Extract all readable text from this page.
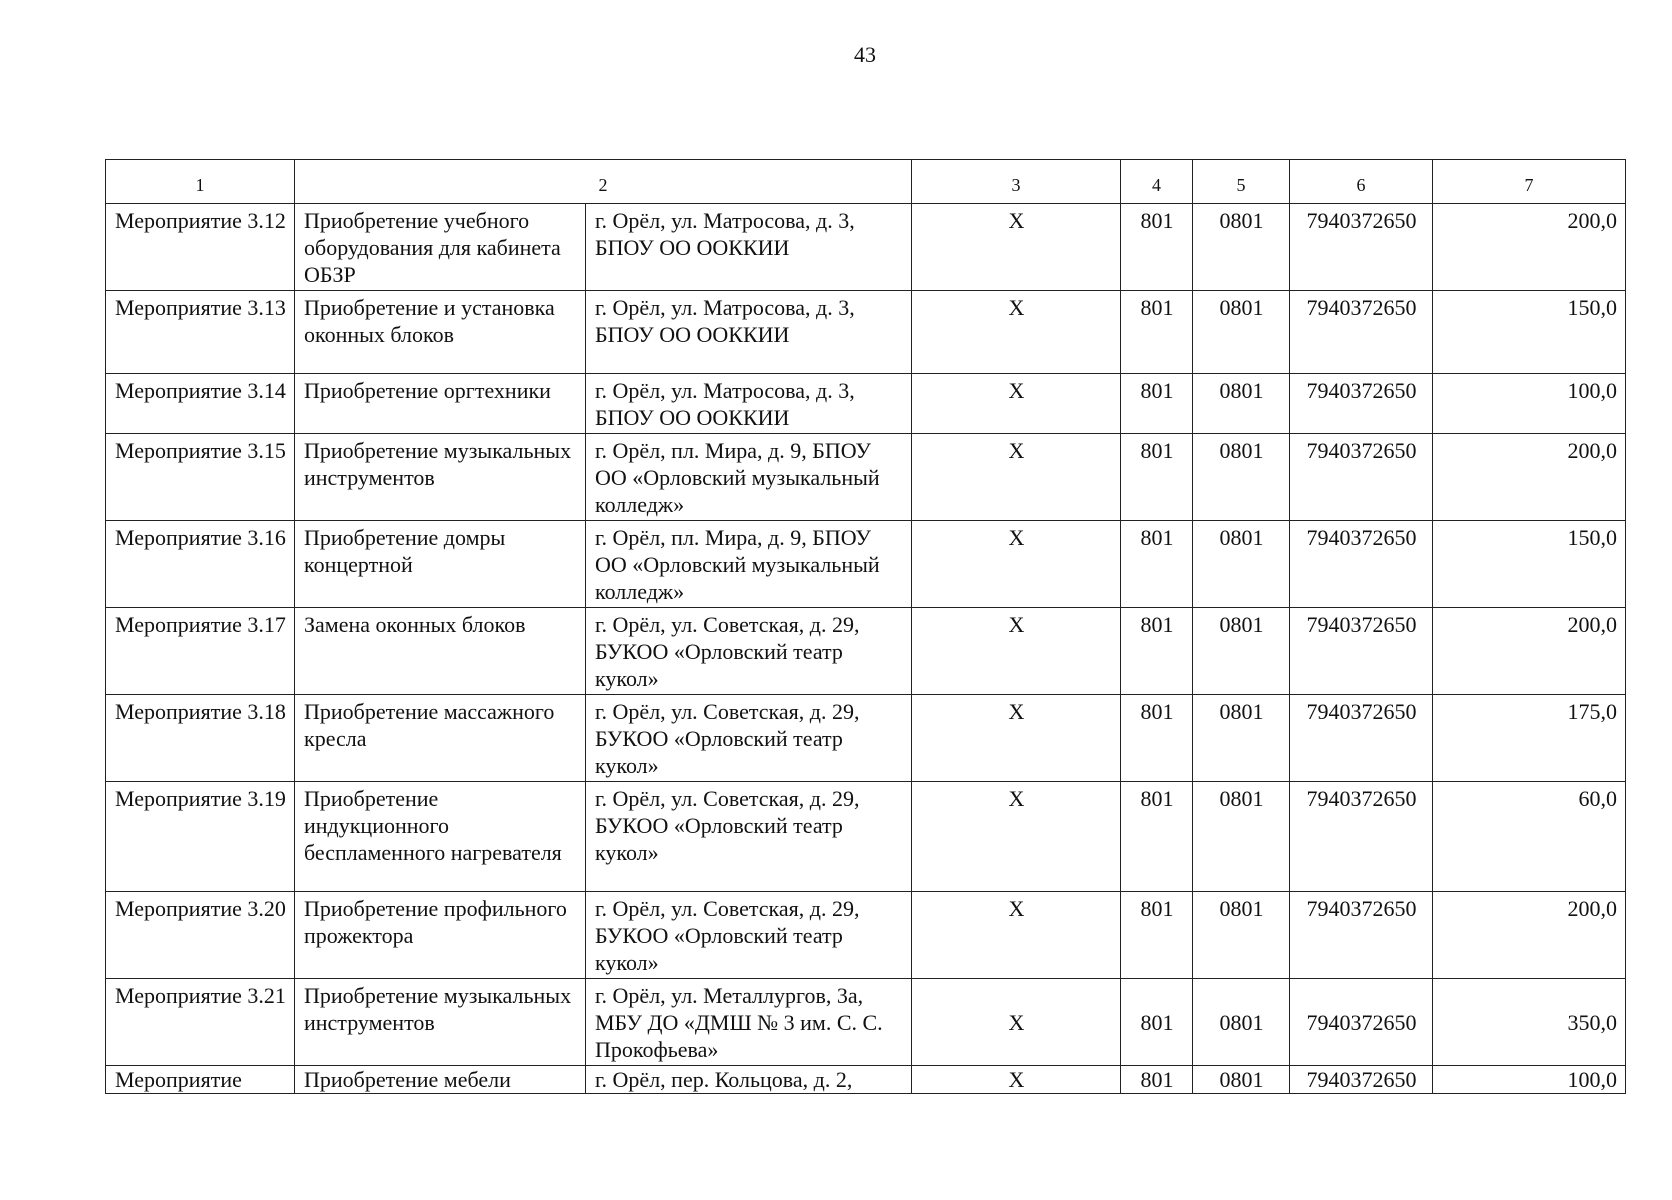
43
1	2		3	4	5	6	7
Мероприятие 3.12	Приобретение учебного оборудования для кабинета ОБЗР	г. Орёл, ул. Матросова, д. 3, БПОУ ОО ООККИИ	X	801	0801	7940372650	200,0
Мероприятие 3.13	Приобретение и установка оконных блоков	г. Орёл, ул. Матросова, д. 3, БПОУ ОО ООККИИ	X	801	0801	7940372650	150,0
Мероприятие 3.14	Приобретение оргтехники	г. Орёл, ул. Матросова, д. 3, БПОУ ОО ООККИИ	X	801	0801	7940372650	100,0
Мероприятие 3.15	Приобретение музыкальных инструментов	г. Орёл, пл. Мира, д. 9, БПОУ ОО «Орловский музыкальный колледж»	X	801	0801	7940372650	200,0
Мероприятие 3.16	Приобретение домры концертной	г. Орёл, пл. Мира, д. 9, БПОУ ОО «Орловский музыкальный колледж»	X	801	0801	7940372650	150,0
Мероприятие 3.17	Замена оконных блоков	г. Орёл, ул. Советская, д. 29, БУКОО «Орловский театр кукол»	X	801	0801	7940372650	200,0
Мероприятие 3.18	Приобретение массажного кресла	г. Орёл, ул. Советская, д. 29, БУКОО «Орловский театр кукол»	X	801	0801	7940372650	175,0
Мероприятие 3.19	Приобретение индукционного беспламенного нагревателя	г. Орёл, ул. Советская, д. 29, БУКОО «Орловский театр кукол»	X	801	0801	7940372650	60,0
Мероприятие 3.20	Приобретение профильного прожектора	г. Орёл, ул. Советская, д. 29, БУКОО «Орловский театр кукол»	X	801	0801	7940372650	200,0
Мероприятие 3.21	Приобретение музыкальных инструментов	г. Орёл, ул. Металлургов, 3а, МБУ ДО «ДМШ № 3 им. С. С. Прокофьева»	X	801	0801	7940372650	350,0
Мероприятие	Приобретение мебели	г. Орёл, пер. Кольцова, д. 2,	X	801	0801	7940372650	100,0
